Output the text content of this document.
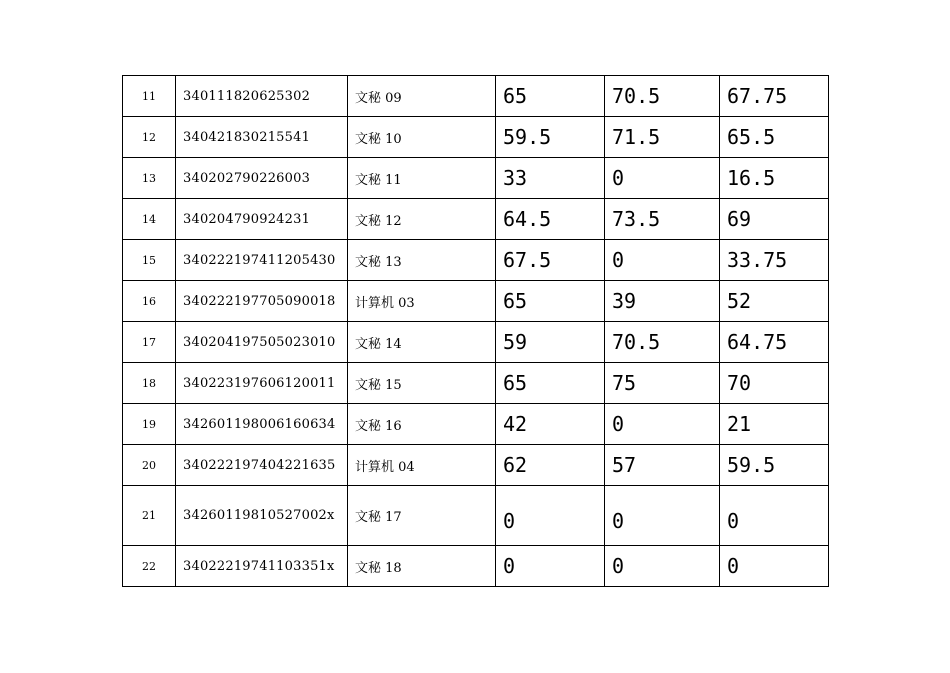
11	340111820625302	文秘 09	65	70.5	67.75
12	340421830215541	文秘 10	59.5	71.5	65.5
13	340202790226003	文秘 11	33	0	16.5
14	340204790924231	文秘 12	64.5	73.5	69
15	340222197411205430	文秘 13	67.5	0	33.75
16	340222197705090018	计算机 03	65	39	52
17	340204197505023010	文秘 14	59	70.5	64.75
18	340223197606120011	文秘 15	65	75	70
19	342601198006160634	文秘 16	42	0	21
20	340222197404221635	计算机 04	62	57	59.5
21	34260119810527002x	文秘 17	0	0	0
22	34022219741103351x	文秘 18	0	0	0
